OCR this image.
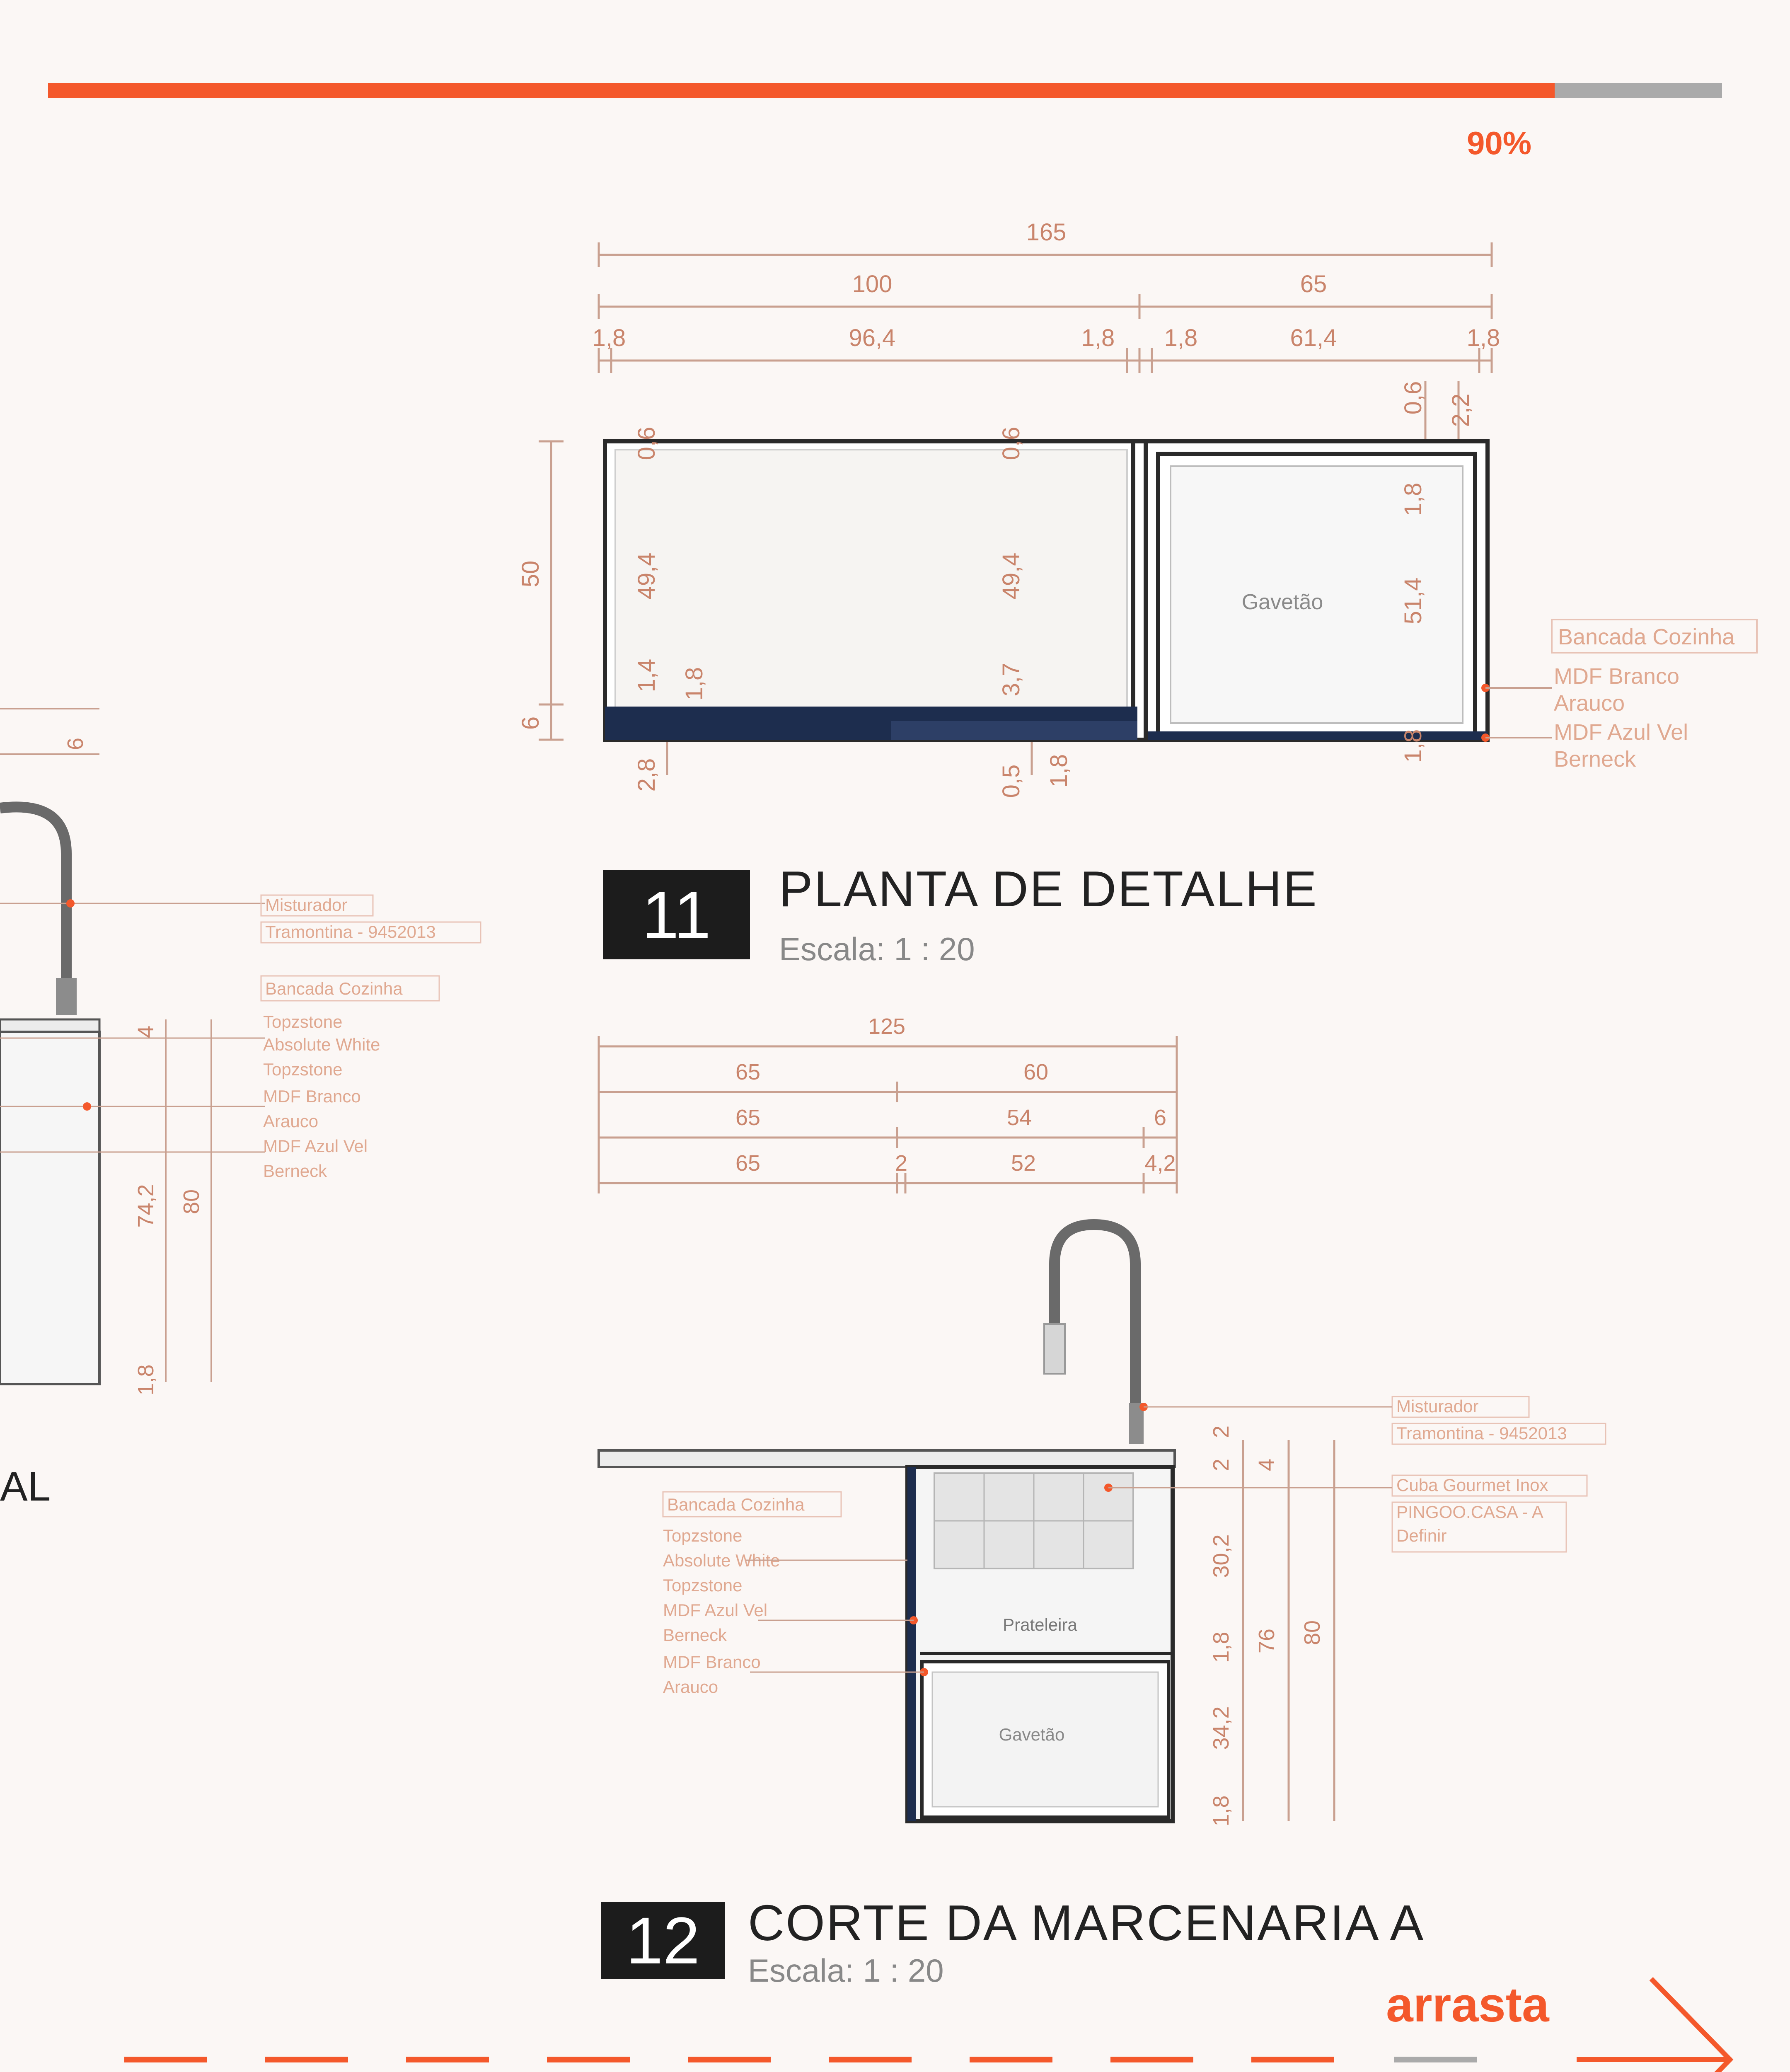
90%
165
100	65
1,8	96,4	1,8 1,8	61,4	1,8
50
6
0,6
49,4
1,4 1,8
2,8
0,6
49,4
3,7
0,5 1,8
0,6 2,2
1,8
51,4
1,8
Gavetão
Bancada Cozinha
MDF Branco
Arauco
MDF Azul Vel
Berneck
125
65	60
65	54	6
65	2	52	4,2
2
2 4
30,2
1,8
34,2
1,8
76 80
Prateleira
Gavetão
Misturador
Tramontina - 9452013
Cuba Gourmet Inox
PINGOO.CASA - A
Definir
Bancada Cozinha
Topzstone
Absolute White
Topzstone
MDF Azul Vel
Berneck
MDF Branco
Arauco
Misturador
Tramontina - 9452013
Bancada Cozinha
Topzstone
Absolute White
Topzstone
MDF Branco
Arauco
MDF Azul Vel
Berneck
6
4
74,2 80
1,8
11	PLANTA DE DETALHE
Escala: 1 : 20
12 CORTE DA MARCENARIA A
Escala: 1 : 20
AL
arrasta
